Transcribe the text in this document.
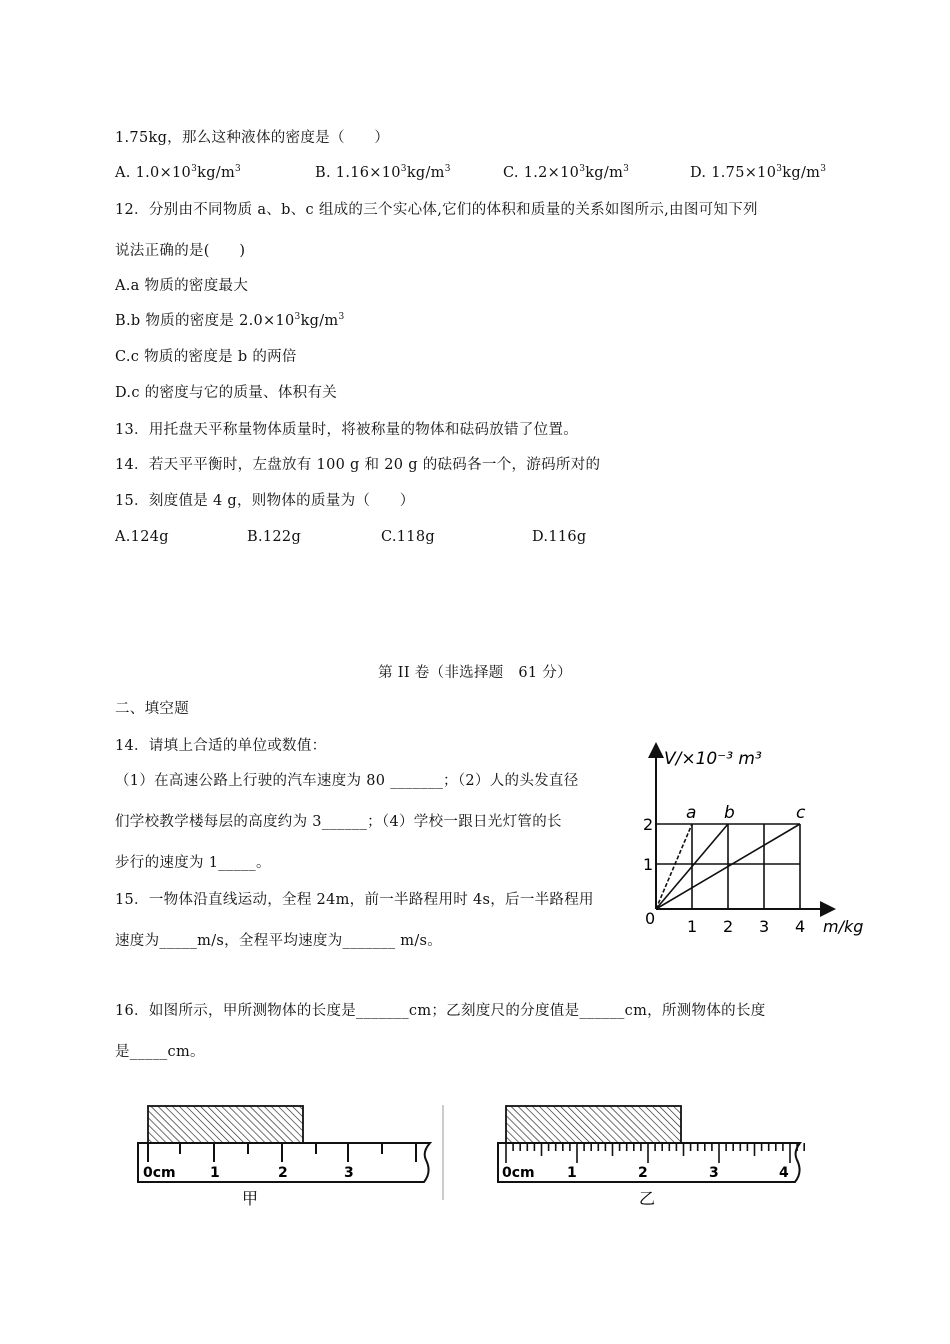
1.75kg，那么这种液体的密度是（　　）
A. $1.0\times 10^3kg/m^3$	B. $1.16\times 10^3kg/m^3$	C. $1.2\times 10^3kg/m^3$	D. $1.75\times 10^3kg/m^3$
12．分别由不同物质 a、b、c 组成的三个实心体,它们的体积和质量的关系如图所示,由图可知下列
说法正确的是(　　)
A.a 物质的密度最大
B.b 物质的密度是 $2.0\times 10^3kg/m^3$
C.c 物质的密度是 b 的两倍
D.c 的密度与它的质量、体积有关
13．用托盘天平称量物体质量时，将被称量的物体和砝码放错了位置。
14．若天平平衡时，左盘放有 100 g 和 20 g 的砝码各一个，游码所对的
15．刻度值是 4 g，则物体的质量为（　　）
A.124g	B.122g	C.118g	D.116g
第 II 卷（非选择题　61 分）
二、填空题
14．请填上合适的单位或数值：
（1）在高速公路上行驶的汽车速度为 80 _______；（2）人的头发直径
们学校教学楼每层的高度约为 3______；（4）学校一跟日光灯管的长
步行的速度为 1_____。
15．一物体沿直线运动，全程 24m，前一半路程用时 4s，后一半路程用
速度为_____m/s，全程平均速度为_______ m/s。
16．如图所示，甲所测物体的长度是_______cm；乙刻度尺的分度值是______cm，所测物体的长度
是_____cm。
V/×10⁻³ m³
m/kg
0
2
1
1 2 3 4
a b	c
0cm 1	2	3
甲
0cm 1	2	3	4
乙
